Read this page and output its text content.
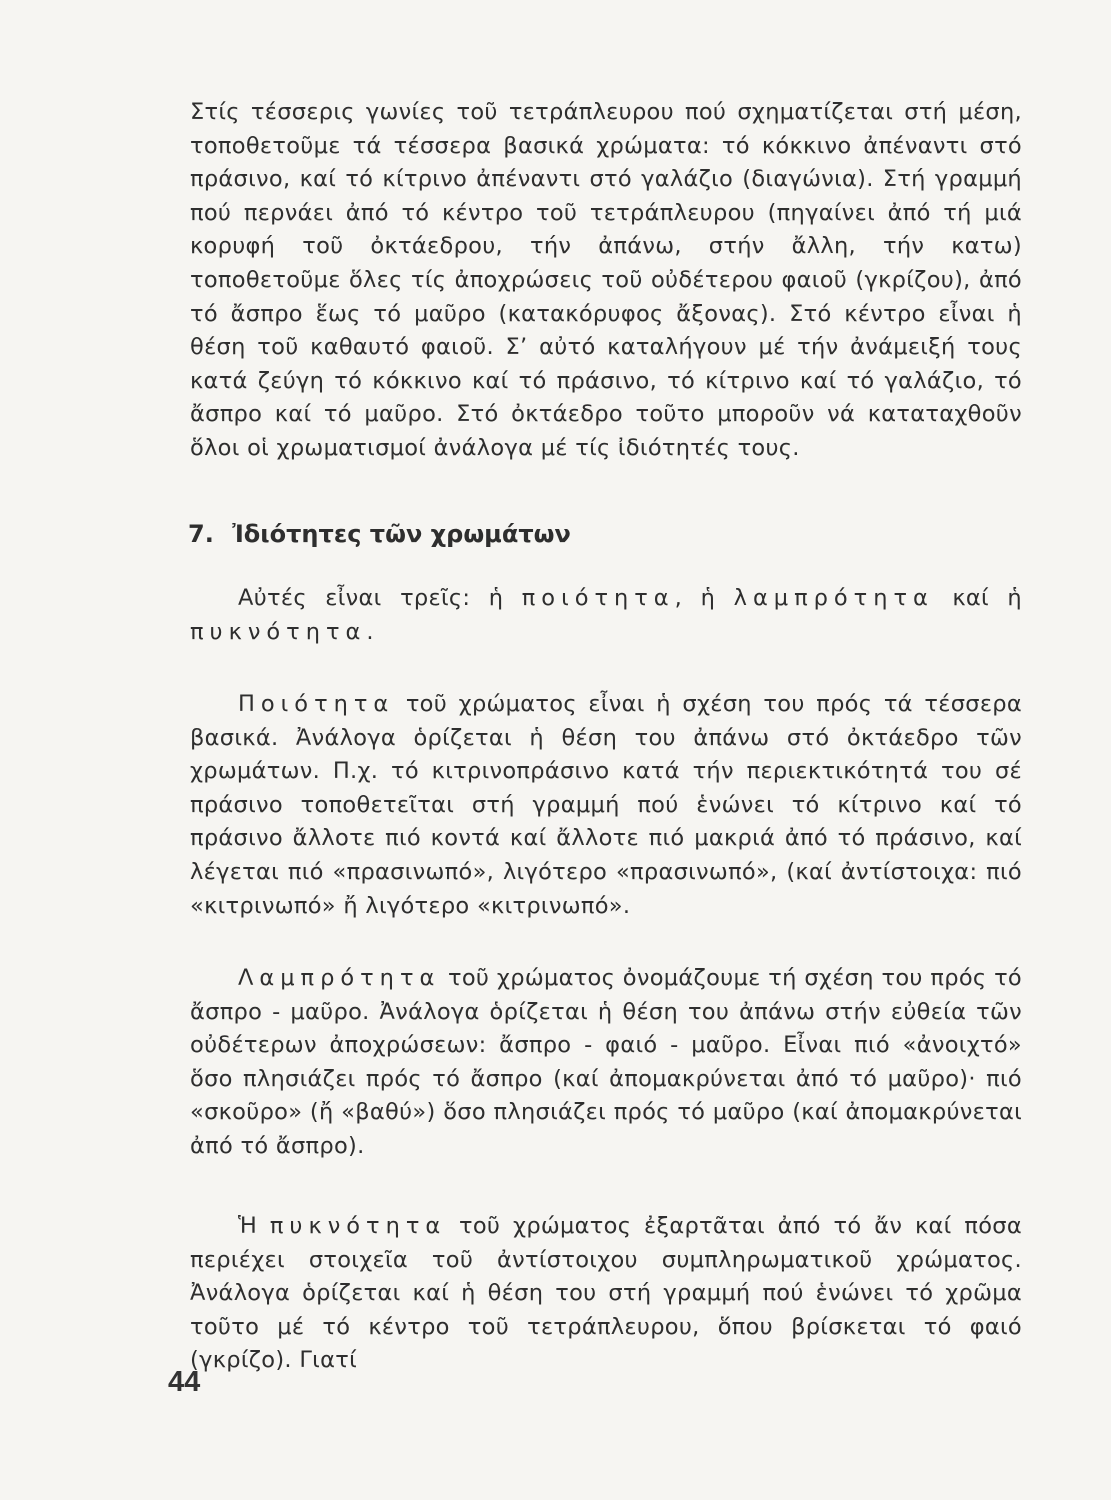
Στίς τέσσερις γωνίες τοῦ τετράπλευρου πού σχηματίζεται στή μέση, τοποθετοῦμε τά τέσσερα βασικά χρώματα: τό κόκκινο ἀπέναντι στό πράσινο, καί τό κίτρινο ἀπέναντι στό γαλάζιο (διαγώνια). Στή γραμμή πού περνάει ἀπό τό κέντρο τοῦ τετράπλευρου (πηγαίνει ἀπό τή μιά κορυφή τοῦ ὀκτάεδρου, τήν ἀπάνω, στήν ἄλλη, τήν κατω) τοποθετοῦμε ὅλες τίς ἀποχρώσεις τοῦ οὐδέτερου φαιοῦ (γκρίζου), ἀπό τό ἄσπρο ἕως τό μαῦρο (κατακόρυφος ἄξονας). Στό κέντρο εἶναι ἡ θέση τοῦ καθαυτό φαιοῦ. Σ’ αὐτό καταλήγουν μέ τήν ἀνάμειξή τους κατά ζεύγη τό κόκκινο καί τό πράσινο, τό κίτρινο καί τό γαλάζιο, τό ἄσπρο καί τό μαῦρο. Στό ὀκτάεδρο τοῦτο μποροῦν νά καταταχθοῦν ὅλοι οἱ χρωματισμοί ἀνάλογα μέ τίς ἰδιότητές τους.

7. Ἰδιότητες τῶν χρωμάτων

Αὐτές εἶναι τρεῖς: ἡ ποιότητα, ἡ λαμπρότητα καί ἡ πυκνότητα.

Ποιότητα τοῦ χρώματος εἶναι ἡ σχέση του πρός τά τέσσερα βασικά. Ἀνάλογα ὁρίζεται ἡ θέση του ἀπάνω στό ὀκτάεδρο τῶν χρωμάτων. Π.χ. τό κιτρινοπράσινο κατά τήν περιεκτικότητά του σέ πράσινο τοποθετεῖται στή γραμμή πού ἑνώνει τό κίτρινο καί τό πράσινο ἄλλοτε πιό κοντά καί ἄλλοτε πιό μακριά ἀπό τό πράσινο, καί λέγεται πιό «πρασινωπό», λιγότερο «πρασινωπό», (καί ἀντίστοιχα: πιό «κιτρινωπό» ἤ λιγότερο «κιτρινωπό».

Λαμπρότητα τοῦ χρώματος ὀνομάζουμε τή σχέση του πρός τό ἄσπρο - μαῦρο. Ἀνάλογα ὁρίζεται ἡ θέση του ἀπάνω στήν εὐθεία τῶν οὐδέτερων ἀποχρώσεων: ἄσπρο - φαιό - μαῦρο. Εἶναι πιό «ἀνοιχτό» ὅσο πλησιάζει πρός τό ἄσπρο (καί ἀπομακρύνεται ἀπό τό μαῦρο)· πιό «σκοῦρο» (ἤ «βαθύ») ὅσο πλησιάζει πρός τό μαῦρο (καί ἀπομακρύνεται ἀπό τό ἄσπρο).

Ἡ πυκνότητα τοῦ χρώματος ἐξαρτᾶται ἀπό τό ἄν καί πόσα περιέχει στοιχεῖα τοῦ ἀντίστοιχου συμπληρωματικοῦ χρώματος. Ἀνάλογα ὁρίζεται καί ἡ θέση του στή γραμμή πού ἑνώνει τό χρῶμα τοῦτο μέ τό κέντρο τοῦ τετράπλευρου, ὅπου βρίσκεται τό φαιό (γκρίζο). Γιατί

44
